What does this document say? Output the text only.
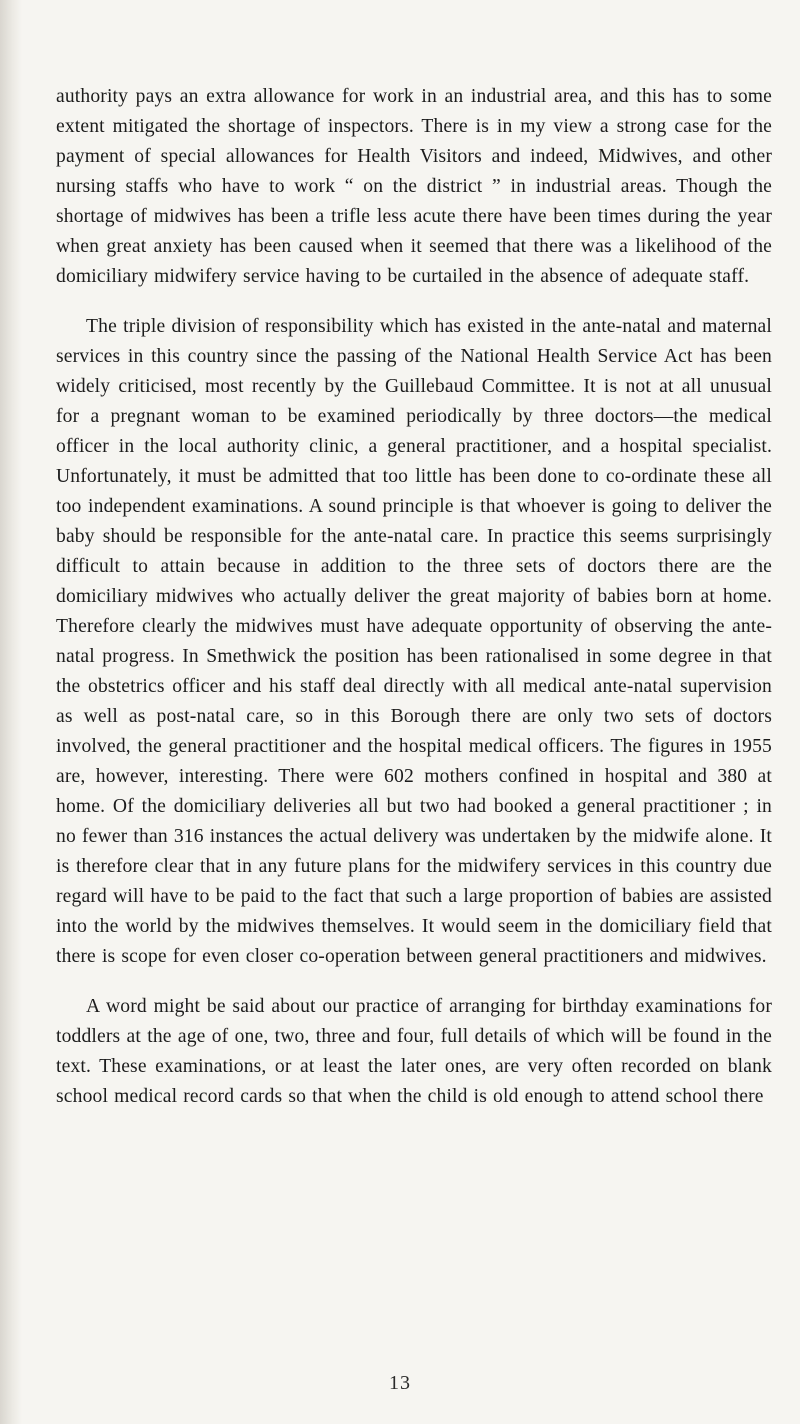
authority pays an extra allowance for work in an industrial area, and this has to some extent mitigated the shortage of inspectors. There is in my view a strong case for the payment of special allowances for Health Visitors and indeed, Midwives, and other nursing staffs who have to work “ on the district ” in industrial areas. Though the shortage of midwives has been a trifle less acute there have been times during the year when great anxiety has been caused when it seemed that there was a likelihood of the domiciliary midwifery service having to be curtailed in the absence of adequate staff.

The triple division of responsibility which has existed in the ante-natal and maternal services in this country since the passing of the National Health Service Act has been widely criticised, most recently by the Guillebaud Committee. It is not at all unusual for a pregnant woman to be examined periodically by three doctors—the medical officer in the local authority clinic, a general practitioner, and a hospital specialist. Unfortunately, it must be admitted that too little has been done to co-ordinate these all too independent examinations. A sound principle is that whoever is going to deliver the baby should be responsible for the ante-natal care. In practice this seems surprisingly difficult to attain because in addition to the three sets of doctors there are the domiciliary midwives who actually deliver the great majority of babies born at home. Therefore clearly the midwives must have adequate opportunity of observing the ante-natal progress. In Smethwick the position has been rationalised in some degree in that the obstetrics officer and his staff deal directly with all medical ante-natal supervision as well as post-natal care, so in this Borough there are only two sets of doctors involved, the general practitioner and the hospital medical officers. The figures in 1955 are, however, interesting. There were 602 mothers confined in hospital and 380 at home. Of the domiciliary deliveries all but two had booked a general practitioner ; in no fewer than 316 instances the actual delivery was undertaken by the midwife alone. It is therefore clear that in any future plans for the midwifery services in this country due regard will have to be paid to the fact that such a large proportion of babies are assisted into the world by the midwives themselves. It would seem in the domiciliary field that there is scope for even closer co-operation between general practitioners and midwives.

A word might be said about our practice of arranging for birthday examinations for toddlers at the age of one, two, three and four, full details of which will be found in the text. These examinations, or at least the later ones, are very often recorded on blank school medical record cards so that when the child is old enough to attend school there

13
